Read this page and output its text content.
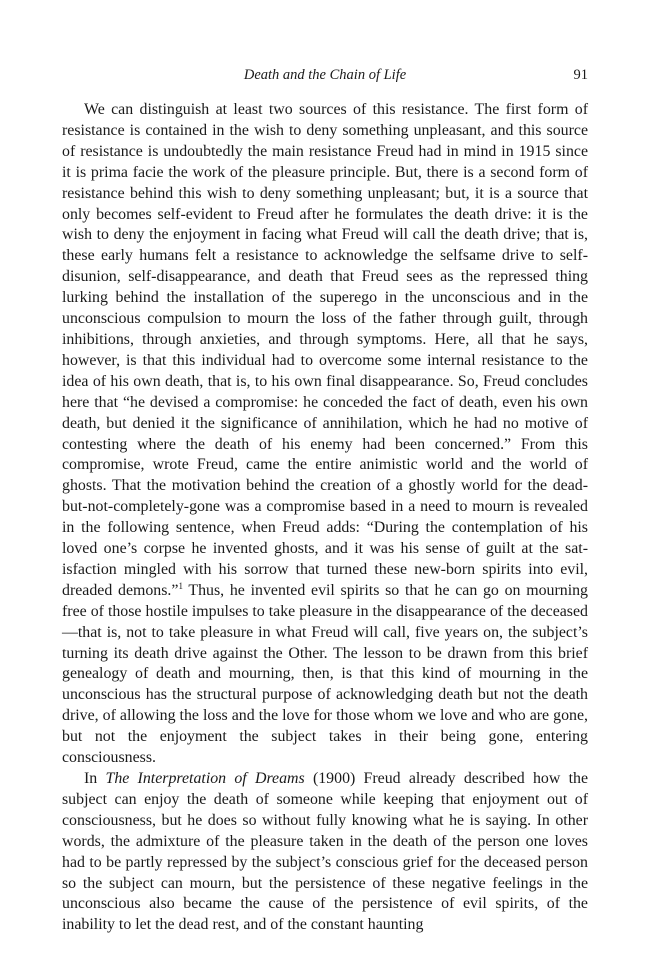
Death and the Chain of Life	91

We can distinguish at least two sources of this resistance. The first form of resistance is contained in the wish to deny something unpleasant, and this source of resistance is undoubtedly the main resistance Freud had in mind in 1915 since it is prima facie the work of the pleasure principle. But, there is a second form of resistance behind this wish to deny something unpleasant; but, it is a source that only becomes self-evident to Freud after he formulates the death drive: it is the wish to deny the enjoyment in facing what Freud will call the death drive; that is, these early humans felt a resistance to acknowledge the selfsame drive to self-disunion, self-disappearance, and death that Freud sees as the repressed thing lurking behind the installation of the superego in the unconscious and in the unconscious compulsion to mourn the loss of the father through guilt, through inhibitions, through anxieties, and through symptoms. Here, all that he says, however, is that this individual had to overcome some internal resistance to the idea of his own death, that is, to his own final disappearance. So, Freud concludes here that “he devised a compromise: he conceded the fact of death, even his own death, but denied it the significance of annihilation, which he had no motive of contesting where the death of his enemy had been concerned.” From this compromise, wrote Freud, came the entire animistic world and the world of ghosts. That the motivation behind the creation of a ghostly world for the dead-but-not-completely-gone was a compromise based in a need to mourn is revealed in the following sentence, when Freud adds: “During the contemplation of his loved one’s corpse he invented ghosts, and it was his sense of guilt at the satisfaction mingled with his sorrow that turned these new-born spirits into evil, dreaded demons.”$^1$ Thus, he invented evil spirits so that he can go on mourning free of those hostile impulses to take pleasure in the disappearance of the deceased—that is, not to take pleasure in what Freud will call, five years on, the subject’s turning its death drive against the Other. The lesson to be drawn from this brief genealogy of death and mourning, then, is that this kind of mourning in the unconscious has the structural purpose of acknowledging death but not the death drive, of allowing the loss and the love for those whom we love and who are gone, but not the enjoyment the subject takes in their being gone, entering consciousness.

In The Interpretation of Dreams (1900) Freud already described how the subject can enjoy the death of someone while keeping that enjoyment out of consciousness, but he does so without fully knowing what he is saying. In other words, the admixture of the pleasure taken in the death of the person one loves had to be partly repressed by the subject’s conscious grief for the deceased person so the subject can mourn, but the persistence of these negative feelings in the unconscious also became the cause of the persistence of evil spirits, of the inability to let the dead rest, and of the constant haunting
